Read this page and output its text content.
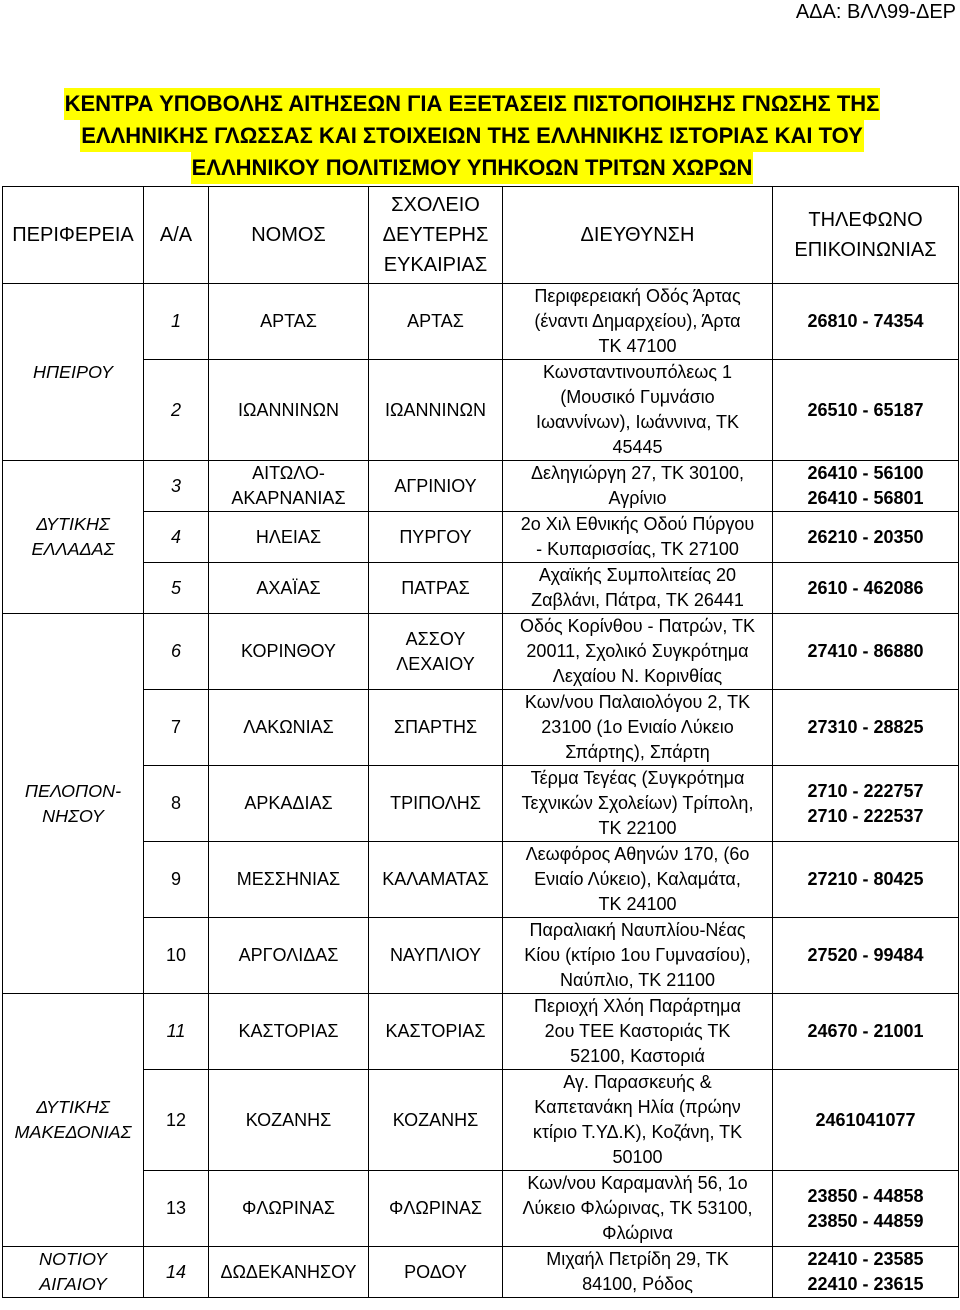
ΑΔΑ: ΒΛΛ99-ΔΕΡ
ΚΕΝΤΡΑ ΥΠΟΒΟΛΗΣ ΑΙΤΗΣΕΩΝ ΓΙΑ ΕΞΕΤΑΣΕΙΣ ΠΙΣΤΟΠΟΙΗΣΗΣ ΓΝΩΣΗΣ ΤΗΣ
ΕΛΛΗΝΙΚΗΣ ΓΛΩΣΣΑΣ ΚΑΙ ΣΤΟΙΧΕΙΩΝ ΤΗΣ ΕΛΛΗΝΙΚΗΣ ΙΣΤΟΡΙΑΣ ΚΑΙ ΤΟΥ
ΕΛΛΗΝΙΚΟΥ ΠΟΛΙΤΙΣΜΟΥ ΥΠΗΚΟΩΝ ΤΡΙΤΩΝ ΧΩΡΩΝ
ΠΕΡΙΦΕΡΕΙΑ	Α/Α	ΝΟΜΟΣ	ΣΧΟΛΕΙΟ
ΔΕΥΤΕΡΗΣ
ΕΥΚΑΙΡΙΑΣ	ΔΙΕΥΘΥΝΣΗ	ΤΗΛΕΦΩΝΟ
ΕΠΙΚΟΙΝΩΝΙΑΣ

ΗΠΕΙΡΟΥ	1	ΑΡΤΑΣ	ΑΡΤΑΣ	Περιφερειακή Οδός Άρτας
(έναντι Δημαρχείου), Άρτα
ΤΚ 47100	26810 - 74354

	2	ΙΩΑΝΝΙΝΩΝ	ΙΩΑΝΝΙΝΩΝ	Κωνσταντινουπόλεως 1
(Μουσικό Γυμνάσιο
Ιωαννίνων), Ιωάννινα, ΤΚ
45445	26510 - 65187

ΔΥΤΙΚΗΣ
ΕΛΛΑΔΑΣ	3	ΑΙΤΩΛΟ-
ΑΚΑΡΝΑΝΙΑΣ	ΑΓΡΙΝΙΟΥ	Δεληγιώργη 27, ΤΚ 30100,
Αγρίνιο	26410 - 56100
26410 - 56801

	4	ΗΛΕΙΑΣ	ΠΥΡΓΟΥ	2ο Χιλ Εθνικής Οδού Πύργου
- Κυπαρισσίας, ΤΚ 27100	26210 - 20350

	5	ΑΧΑΪΑΣ	ΠΑΤΡΑΣ	Αχαϊκής Συμπολιτείας 20
Ζαβλάνι, Πάτρα, ΤΚ 26441	2610 - 462086

ΠΕΛΟΠΟΝ-
ΝΗΣΟΥ	6	ΚΟΡΙΝΘΟΥ	ΑΣΣΟΥ
ΛΕΧΑΙΟΥ	Οδός Κορίνθου - Πατρών, ΤΚ
20011, Σχολικό Συγκρότημα
Λεχαίου Ν. Κορινθίας	27410 - 86880

	7	ΛΑΚΩΝΙΑΣ	ΣΠΑΡΤΗΣ	Κων/νου Παλαιολόγου 2, ΤΚ
23100 (1ο Ενιαίο Λύκειο
Σπάρτης), Σπάρτη	27310 - 28825

	8	ΑΡΚΑΔΙΑΣ	ΤΡΙΠΟΛΗΣ	Τέρμα Τεγέας (Συγκρότημα
Τεχνικών Σχολείων) Τρίπολη,
ΤΚ 22100	2710 - 222757
2710 - 222537

	9	ΜΕΣΣΗΝΙΑΣ	ΚΑΛΑΜΑΤΑΣ	Λεωφόρος Αθηνών 170, (6ο
Ενιαίο Λύκειο), Καλαμάτα,
ΤΚ 24100	27210 - 80425

	10	ΑΡΓΟΛΙΔΑΣ	ΝΑΥΠΛΙΟΥ	Παραλιακή Ναυπλίου-Νέας
Κίου (κτίριο 1ου Γυμνασίου),
Ναύπλιο, ΤΚ 21100	27520 - 99484

ΔΥΤΙΚΗΣ
ΜΑΚΕΔΟΝΙΑΣ	11	ΚΑΣΤΟΡΙΑΣ	ΚΑΣΤΟΡΙΑΣ	Περιοχή Χλόη Παράρτημα
2ου ΤΕΕ Καστοριάς ΤΚ
52100, Καστοριά	24670 - 21001

	12	ΚΟΖΑΝΗΣ	ΚΟΖΑΝΗΣ	Αγ. Παρασκευής &
Καπετανάκη Ηλία (πρώην
κτίριο Τ.ΥΔ.Κ), Κοζάνη, ΤΚ
50100	2461041077

	13	ΦΛΩΡΙΝΑΣ	ΦΛΩΡΙΝΑΣ	Κων/νου Καραμανλή 56, 1ο
Λύκειο Φλώρινας, ΤΚ 53100,
Φλώρινα	23850 - 44858
23850 - 44859

ΝΟΤΙΟΥ
ΑΙΓΑΙΟΥ	14	ΔΩΔΕΚΑΝΗΣΟΥ	ΡΟΔΟΥ	Μιχαήλ Πετρίδη 29, ΤΚ
84100, Ρόδος	22410 - 23585
22410 - 23615
